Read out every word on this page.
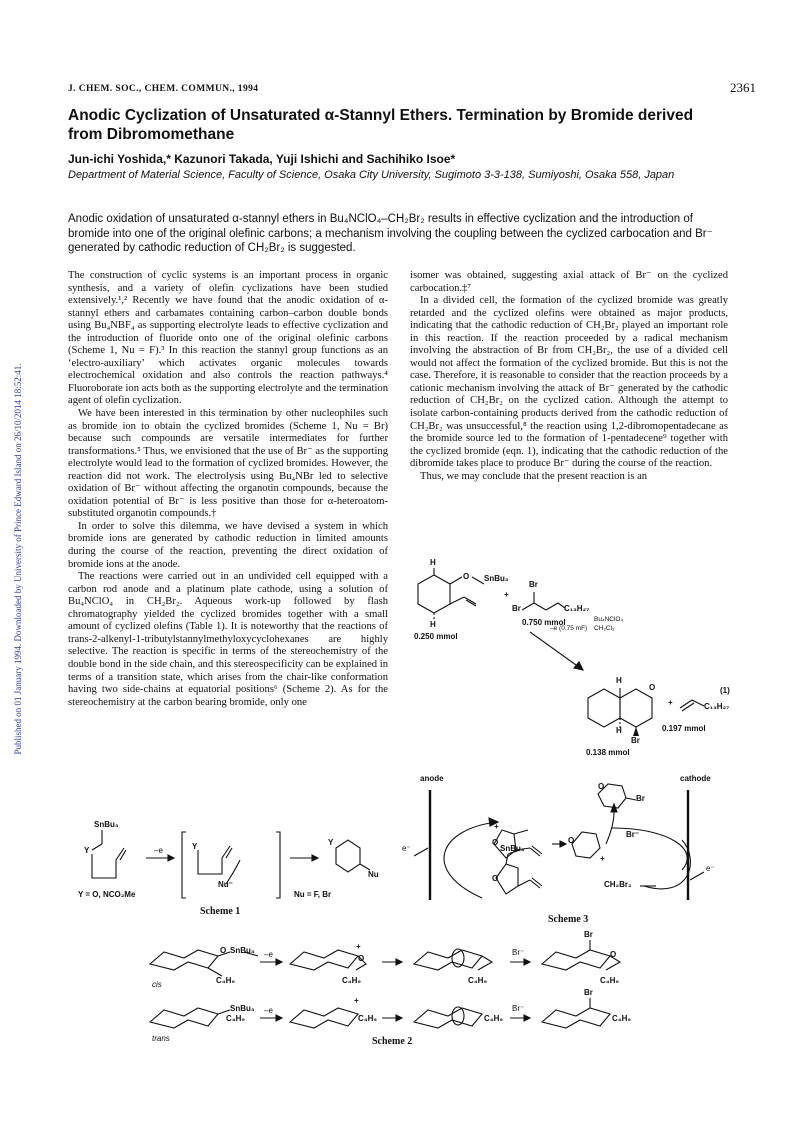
Published on 01 January 1994. Downloaded by University of Prince Edward Island on 26/10/2014 18:52:41.
J. CHEM. SOC., CHEM. COMMUN., 1994	2361
Anodic Cyclization of Unsaturated α-Stannyl Ethers. Termination by Bromide derived from Dibromomethane
Jun-ichi Yoshida,* Kazunori Takada, Yuji Ishichi and Sachihiko Isoe*
Department of Material Science, Faculty of Science, Osaka City University, Sugimoto 3-3-138, Sumiyoshi, Osaka 558, Japan
Anodic oxidation of unsaturated α-stannyl ethers in Bu₄NClO₄–CH₂Br₂ results in effective cyclization and the introduction of bromide into one of the original olefinic carbons; a mechanism involving the coupling between the cyclized carbocation and Br⁻ generated by cathodic reduction of CH₂Br₂ is suggested.

The construction of cyclic systems is an important process in organic synthesis, and a variety of olefin cyclizations have been studied extensively.¹,² Recently we have found that the anodic oxidation of α-stannyl ethers and carbamates containing carbon–carbon double bonds using Bu₄NBF₄ as supporting electrolyte leads to effective cyclization and the introduction of fluoride onto one of the original olefinic carbons (Scheme 1, Nu = F).³ In this reaction the stannyl group functions as an ‘electro-auxiliary’ which activates organic molecules towards electrochemical oxidation and also controls the reaction pathways.⁴ Fluoroborate ion acts both as the supporting electrolyte and the termination agent of olefin cyclization.

We have been interested in this termination by other nucleophiles such as bromide ion to obtain the cyclized bromides (Scheme 1, Nu = Br) because such compounds are versatile intermediates for further transformations.⁵ Thus, we envisioned that the use of Br⁻ as the supporting electrolyte would lead to the formation of cyclized bromides. However, the reaction did not work. The electrolysis using Bu₄NBr led to selective oxidation of Br⁻ without affecting the organotin compounds, because the oxidation potential of Br⁻ is less positive than those for α-heteroatom-substituted organotin compounds.†

In order to solve this dilemma, we have devised a system in which bromide ions are generated by cathodic reduction in limited amounts during the course of the reaction, preventing the direct oxidation of bromide ions at the anode.

The reactions were carried out in an undivided cell equipped with a carbon rod anode and a platinum plate cathode, using a solution of Bu₄NClO₄ in CH₂Br₂. Aqueous work-up followed by flash chromatography yielded the cyclized bromides together with a small amount of cyclized olefins (Table 1). It is noteworthy that the reactions of trans-2-alkenyl-1-tributylstannylmethyloxycyclohexanes are highly selective. The reaction is specific in terms of the stereochemistry of the double bond in the side chain, and this stereospecificity can be explained in terms of a transition state, which arises from the chair-like conformation having two side-chains at equatorial positions⁶ (Scheme 2). As for the stereochemistry at the carbon bearing bromide, only one

isomer was obtained, suggesting axial attack of Br⁻ on the cyclized carbocation.‡⁷

In a divided cell, the formation of the cyclized bromide was greatly retarded and the cyclized olefins were obtained as major products, indicating that the cathodic reduction of CH₂Br₂ played an important role in this reaction. If the reaction proceeded by a radical mechanism involving the abstraction of Br from CH₂Br₂, the use of a divided cell would not affect the formation of the cyclized bromide. But this is not the case. Therefore, it is reasonable to consider that the reaction proceeds by a cationic mechanism involving the attack of Br⁻ generated by the cathodic reduction of CH₂Br₂ on the cyclized cation. Although the attempt to isolate carbon-containing products derived from the cathodic reduction of CH₂Br₂ was unsuccessful,⁸ the reaction using 1,2-dibromopentadecane as the bromide source led to the formation of 1-pentadecene⁹ together with the cyclized bromide (eqn. 1), indicating that the cathodic reduction of the dibromide takes place to produce Br⁻ during the course of the reaction.

Thus, we may conclude that the present reaction is an

H
O SnBu₃
H
0.250 mmol
+
Br
Br
C₁₃H₂₇
0.750 mmol	Bu₄NClO₄
CH₂Cl₂
–e (0.75 mF)
H
O
H
Br
0.138 mmol
+	C₁₃H₂₇
(1)
0.197 mmol
anode	cathode
e⁻
e⁻
O
+
O
+
O
Br
Br⁻
SnBu₃
O
CH₂Br₂
Scheme 3
SnBu₃
Y	–e	Y
Nu⁻
Y
Nu
Y = O, NCO₂Me	Nu = F, Br
Scheme 1
O SnBu₃
C₄H₉
–e	O
+
C₄H₉	C₄H₉
Br⁻
Br
O
C₄H₉
cis
SnBu₃
C₄H₉
–e
+
C₄H₉	C₄H₉
Br⁻
Br
C₄H₉
trans	Scheme 2
